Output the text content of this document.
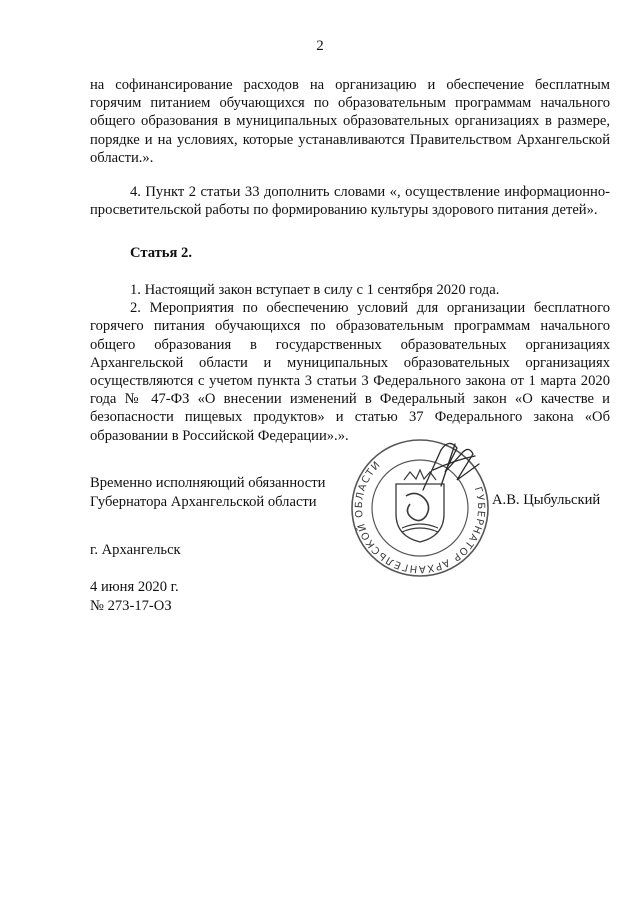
2

на софинансирование расходов на организацию и обеспечение бесплатным горячим питанием обучающихся по образовательным программам начального общего образования в муниципальных образовательных организациях в размере, порядке и на условиях, которые устанавливаются Правительством Архангельской области.».

4. Пункт 2 статьи 33 дополнить словами «, осуществление информационно-просветительской работы по формированию культуры здорового питания детей».

Статья 2.

1. Настоящий закон вступает в силу с 1 сентября 2020 года.

2. Мероприятия по обеспечению условий для организации бесплатного горячего питания обучающихся по образовательным программам начального общего образования в государственных образовательных организациях Архангельской области и муниципальных образовательных организациях осуществляются с учетом пункта 3 статьи 3 Федерального закона от 1 марта 2020 года № 47-ФЗ «О внесении изменений в Федеральный закон «О качестве и безопасности пищевых продуктов» и статью 37 Федерального закона «Об образовании в Российской Федерации».».

Временно исполняющий обязанности
Губернатора Архангельской области
ГУБЕРНАТОР АРХАНГЕЛЬСКОЙ ОБЛАСТИ
А.В. Цыбульский
г. Архангельск
4 июня 2020 г.
№ 273-17-ОЗ
